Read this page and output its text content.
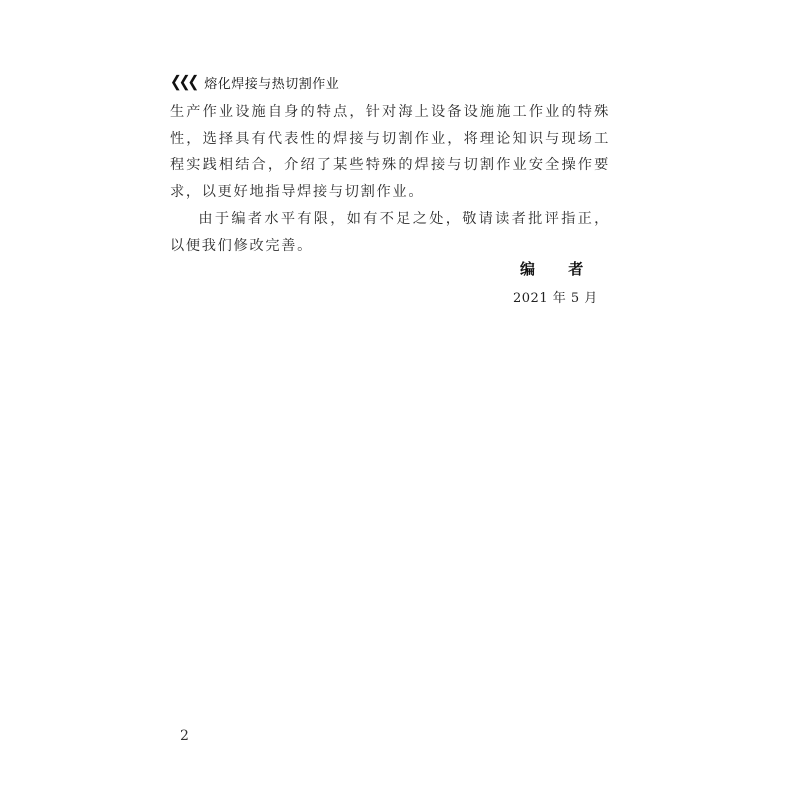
❮❮❮ 熔化焊接与热切割作业

生产作业设施自身的特点，针对海上设备设施施工作业的特殊性，选择具有代表性的焊接与切割作业，将理论知识与现场工程实践相结合，介绍了某些特殊的焊接与切割作业安全操作要求，以更好地指导焊接与切割作业。

由于编者水平有限，如有不足之处，敬请读者批评指正，以便我们修改完善。

编 者
2021 年 5 月
2
